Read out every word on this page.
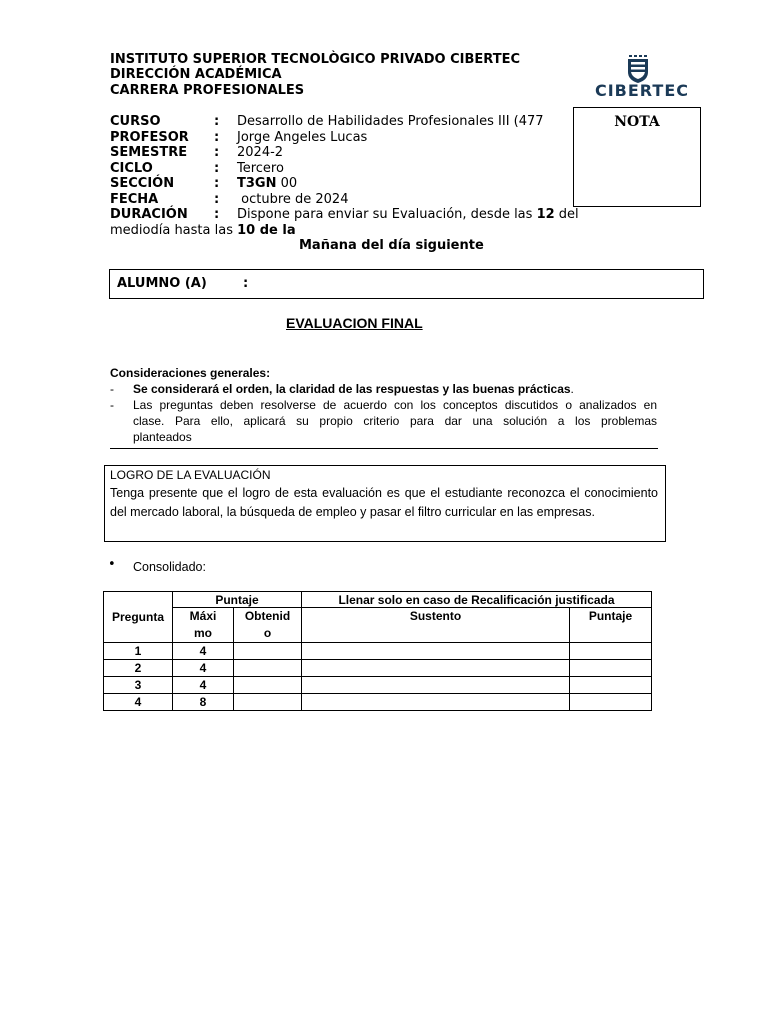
INSTITUTO SUPERIOR TECNOLÒGICO PRIVADO CIBERTEC
DIRECCIÓN ACADÉMICA
CARRERA PROFESIONALES	CIBERTEC
CURSO	: Desarrollo de Habilidades Profesionales III (477
PROFESOR	: Jorge Angeles Lucas
SEMESTRE	: 2024-2
CICLO	: Tercero
SECCIÓN	: T3GN 00
FECHA	: octubre de 2024
DURACIÓN	: Dispone para enviar su Evaluación, desde las 12 del
mediodía hasta las 10 de la
Mañana del día siguiente
NOTA
ALUMNO (A)        :
EVALUACION FINAL
Consideraciones generales:
- Se considerará el orden, la claridad de las respuestas y las buenas prácticas.
- Las preguntas deben resolverse de acuerdo con los conceptos discutidos o analizados en
clase. Para ello, aplicará su propio criterio para dar una solución a los problemas
planteados
LOGRO DE LA EVALUACIÓN
Tenga presente que el logro de esta evaluación es que el estudiante reconozca el conocimiento del mercado laboral, la búsqueda de empleo y pasar el filtro curricular en las empresas.
• Consolidado:
Pregunta	Puntaje		Llenar solo en caso de Recalificación justificada	

	Máximo	Obtenido	Sustento	Puntaje
1	4			
2	4			
3	4			
4	8			
